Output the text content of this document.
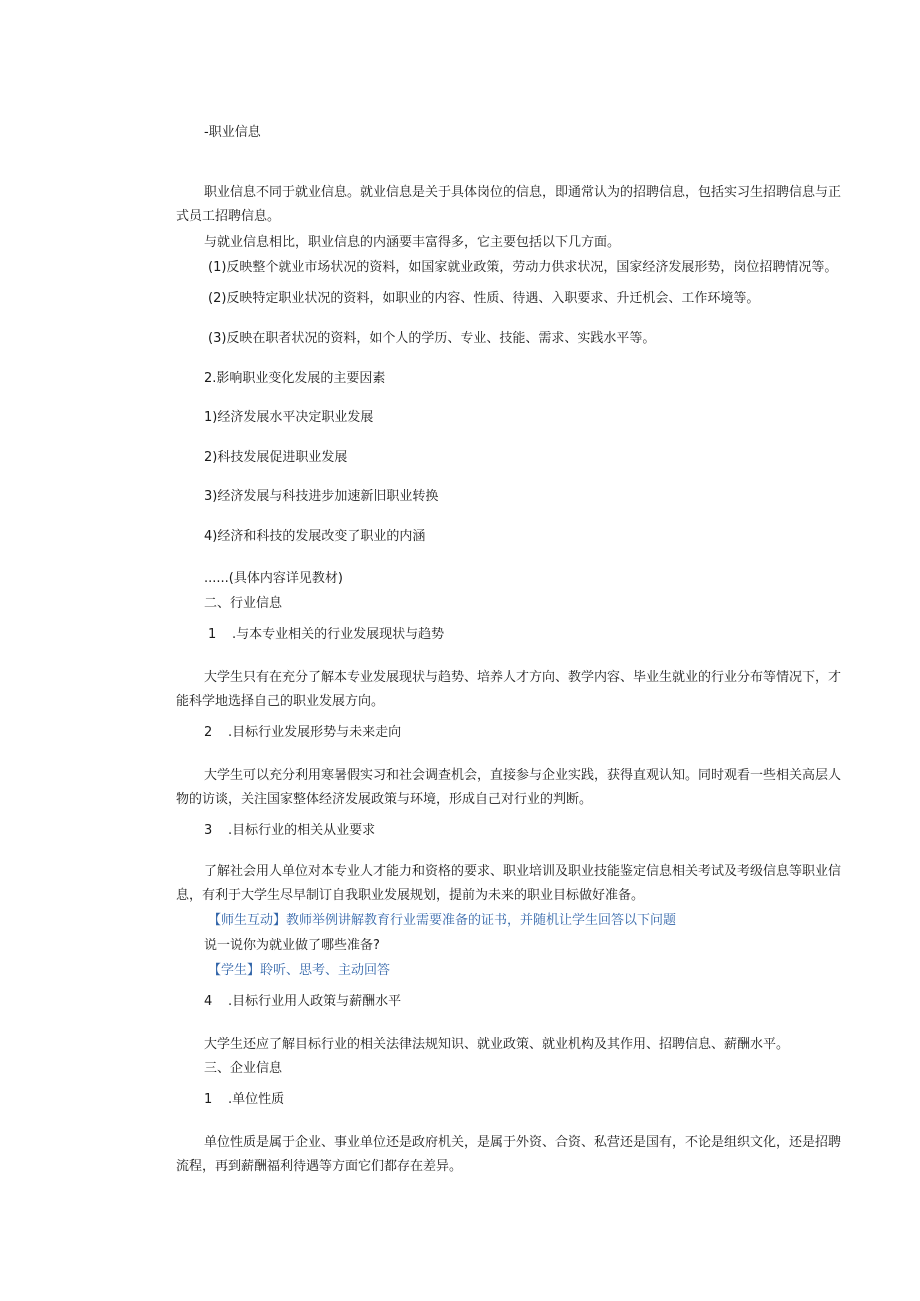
-职业信息
职业信息不同于就业信息。就业信息是关于具体岗位的信息，即通常认为的招聘信息，包括实习生招聘信息与正式员工招聘信息。
与就业信息相比，职业信息的内涵要丰富得多，它主要包括以下几方面。
(1)反映整个就业市场状况的资料，如国家就业政策，劳动力供求状况，国家经济发展形势，岗位招聘情况等。
(2)反映特定职业状况的资料，如职业的内容、性质、待遇、入职要求、升迁机会、工作环境等。
(3)反映在职者状况的资料，如个人的学历、专业、技能、需求、实践水平等。
2.影响职业变化发展的主要因素
1)经济发展水平决定职业发展
2)科技发展促进职业发展
3)经济发展与科技进步加速新旧职业转换
4)经济和科技的发展改变了职业的内涵
......(具体内容详见教材)
二、行业信息
1 .与本专业相关的行业发展现状与趋势
大学生只有在充分了解本专业发展现状与趋势、培养人才方向、教学内容、毕业生就业的行业分布等情况下，才能科学地选择自己的职业发展方向。
2 .目标行业发展形势与未来走向
大学生可以充分利用寒暑假实习和社会调查机会，直接参与企业实践，获得直观认知。同时观看一些相关高层人物的访谈，关注国家整体经济发展政策与环境，形成自己对行业的判断。
3 .目标行业的相关从业要求
了解社会用人单位对本专业人才能力和资格的要求、职业培训及职业技能鉴定信息相关考试及考级信息等职业信息，有利于大学生尽早制订自我职业发展规划，提前为未来的职业目标做好准备。
【师生互动】教师举例讲解教育行业需要准备的证书，并随机让学生回答以下问题
说一说你为就业做了哪些准备?
【学生】聆听、思考、主动回答
4 .目标行业用人政策与薪酬水平
大学生还应了解目标行业的相关法律法规知识、就业政策、就业机构及其作用、招聘信息、薪酬水平。
三、企业信息
1 .单位性质
单位性质是属于企业、事业单位还是政府机关，是属于外资、合资、私营还是国有，不论是组织文化，还是招聘流程，再到薪酬福利待遇等方面它们都存在差异。
